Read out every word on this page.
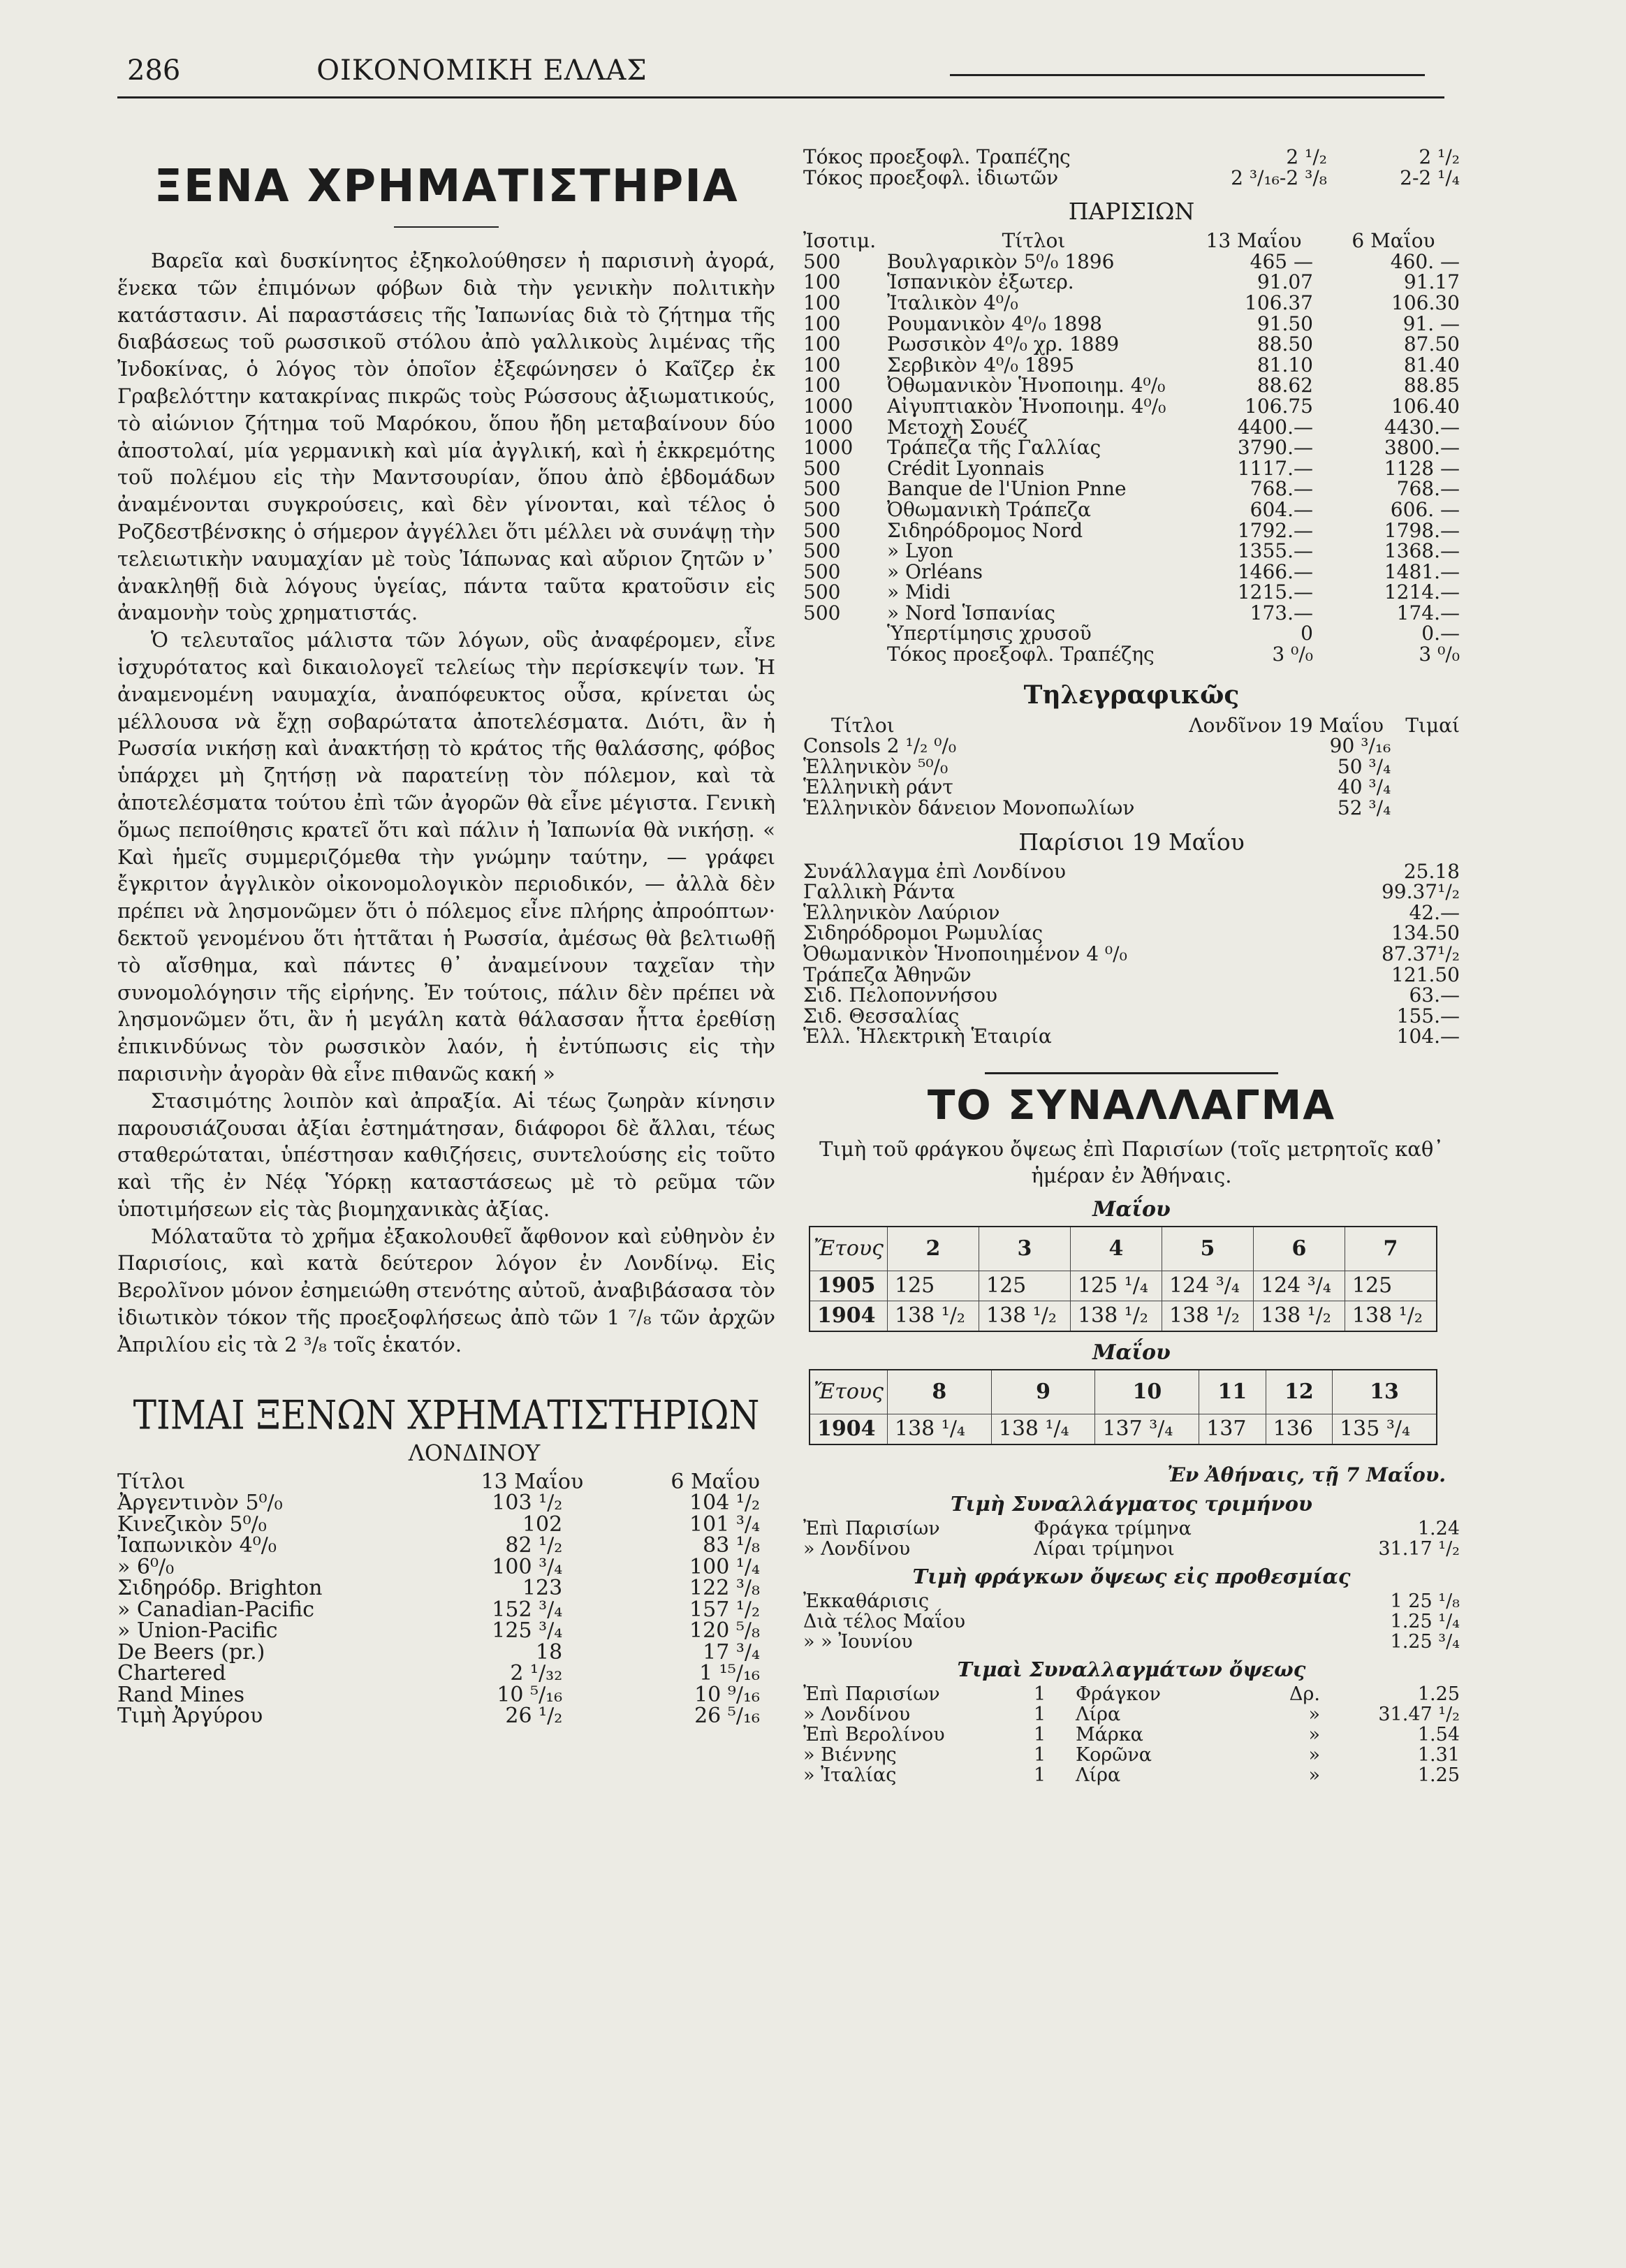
286	ΟΙΚΟΝΟΜΙΚΗ ΕΛΛΑΣ
ΞΕΝΑ ΧΡΗΜΑΤΙΣΤΗΡΙΑ

Βαρεῖα καὶ δυσκίνητος ἐξηκολούθησεν ἡ παρισινὴ ἀγορά, ἕνεκα τῶν ἐπιμόνων φόβων διὰ τὴν γενικὴν πολιτικὴν κατάστασιν. Αἱ παραστάσεις τῆς Ἰαπωνίας διὰ τὸ ζήτημα τῆς διαβάσεως τοῦ ρωσσικοῦ στόλου ἀπὸ γαλλικοὺς λιμένας τῆς Ἰνδοκίνας, ὁ λόγος τὸν ὁποῖον ἐξεφώνησεν ὁ Καῖζερ ἐκ Γραβελόττην κατακρίνας πικρῶς τοὺς Ρώσσους ἀξιωματικούς, τὸ αἰώνιον ζήτημα τοῦ Μαρόκου, ὅπου ἤδη μεταβαίνουν δύο ἀποστολαί, μία γερμανικὴ καὶ μία ἀγγλική, καὶ ἡ ἐκκρεμότης τοῦ πολέμου εἰς τὴν Μαντσουρίαν, ὅπου ἀπὸ ἑβδομάδων ἀναμένονται συγκρούσεις, καὶ δὲν γίνονται, καὶ τέλος ὁ Ροζδεστβένσκης ὁ σήμερον ἀγγέλλει ὅτι μέλλει νὰ συνάψῃ τὴν τελειωτικὴν ναυμαχίαν μὲ τοὺς Ἰάπωνας καὶ αὔριον ζητῶν ν᾽ ἀνακληθῇ διὰ λόγους ὑγείας, πάντα ταῦτα κρατοῦσιν εἰς ἀναμονὴν τοὺς χρηματιστάς.

Ὁ τελευταῖος μάλιστα τῶν λόγων, οὓς ἀναφέρομεν, εἶνε ἰσχυρότατος καὶ δικαιολογεῖ τελείως τὴν περίσκεψίν των. Ἡ ἀναμενομένη ναυμαχία, ἀναπόφευκτος οὖσα, κρίνεται ὡς μέλλουσα νὰ ἔχῃ σοβαρώτατα ἀποτελέσματα. Διότι, ἂν ἡ Ρωσσία νικήσῃ καὶ ἀνακτήσῃ τὸ κράτος τῆς θαλάσσης, φόβος ὑπάρχει μὴ ζητήσῃ νὰ παρατείνῃ τὸν πόλεμον, καὶ τὰ ἀποτελέσματα τούτου ἐπὶ τῶν ἀγορῶν θὰ εἶνε μέγιστα. Γενικὴ ὅμως πεποίθησις κρατεῖ ὅτι καὶ πάλιν ἡ Ἰαπωνία θὰ νικήσῃ. « Καὶ ἡμεῖς συμμεριζόμεθα τὴν γνώμην ταύτην, — γράφει ἔγκριτον ἀγγλικὸν οἰκονομολογικὸν περιοδικόν, — ἀλλὰ δὲν πρέπει νὰ λησμονῶμεν ὅτι ὁ πόλεμος εἶνε πλήρης ἀπροόπτων· δεκτοῦ γενομένου ὅτι ἡττᾶται ἡ Ρωσσία, ἀμέσως θὰ βελτιωθῇ τὸ αἴσθημα, καὶ πάντες θ᾽ ἀναμείνουν ταχεῖαν τὴν συνομολόγησιν τῆς εἰρήνης. Ἐν τούτοις, πάλιν δὲν πρέπει νὰ λησμονῶμεν ὅτι, ἂν ἡ μεγάλη κατὰ θάλασσαν ἧττα ἐρεθίσῃ ἐπικινδύνως τὸν ρωσσικὸν λαόν, ἡ ἐντύπωσις εἰς τὴν παρισινὴν ἀγορὰν θὰ εἶνε πιθανῶς κακή »

Στασιμότης λοιπὸν καὶ ἀπραξία. Αἱ τέως ζωηρὰν κίνησιν παρουσιάζουσαι ἀξίαι ἐστημάτησαν, διάφοροι δὲ ἄλλαι, τέως σταθερώταται, ὑπέστησαν καθιζήσεις, συντελούσης εἰς τοῦτο καὶ τῆς ἐν Νέᾳ Ὑόρκῃ καταστάσεως μὲ τὸ ρεῦμα τῶν ὑποτιμήσεων εἰς τὰς βιομηχανικὰς ἀξίας.

Μόλαταῦτα τὸ χρῆμα ἐξακολουθεῖ ἄφθονον καὶ εὐθηνὸν ἐν Παρισίοις, καὶ κατὰ δεύτερον λόγον ἐν Λονδίνῳ. Εἰς Βερολῖνον μόνον ἐσημειώθη στενότης αὐτοῦ, ἀναβιβάσασα τὸν ἰδιωτικὸν τόκον τῆς προεξοφλήσεως ἀπὸ τῶν 1 ⁷/₈ τῶν ἀρχῶν Ἀπριλίου εἰς τὰ 2 ³/₈ τοῖς ἑκατόν.

ΤΙΜΑΙ ΞΕΝΩΝ ΧΡΗΜΑΤΙΣΤΗΡΙΩΝ
ΛΟΝΔΙΝΟΥ
Τίτλοι	13 Μαΐου	6 Μαΐου
Ἀργεντινὸν 5⁰/₀	103 ¹/₂	104 ¹/₂
Κινεζικὸν 5⁰/₀	102	101 ³/₄
Ἰαπωνικὸν 4⁰/₀	82 ¹/₂	83 ¹/₈
» 6⁰/₀	100 ³/₄	100 ¹/₄
Σιδηρόδρ. Brighton	123	122 ³/₈
» Canadian-Pacific	152 ³/₄	157 ¹/₂
» Union-Pacific	125 ³/₄	120 ⁵/₈
De Beers (pr.)	18	17 ³/₄
Chartered	2 ¹/₃₂	1 ¹⁵/₁₆
Rand Mines	10 ⁵/₁₆	10 ⁹/₁₆
Τιμὴ Ἀργύρου	26 ¹/₂	26 ⁵/₁₆
Τόκος προεξοφλ. Τραπέζης	2 ¹/₂	2 ¹/₂
Τόκος προεξοφλ. ἰδιωτῶν	2 ³/₁₆-2 ³/₈	2-2 ¹/₄
ΠΑΡΙΣΙΩΝ
Ἰσοτιμ.	Τίτλοι	13 Μαΐου	6 Μαΐου
500	Βουλγαρικὸν 5⁰/₀ 1896	465 —	460. —
100	Ἱσπανικὸν ἐξωτερ.	91.07	91.17
100	Ἰταλικὸν 4⁰/₀	106.37	106.30
100	Ρουμανικὸν 4⁰/₀ 1898	91.50	91. —
100	Ρωσσικὸν 4⁰/₀ χρ. 1889	88.50	87.50
100	Σερβικὸν 4⁰/₀ 1895	81.10	81.40
100	Ὀθωμανικὸν Ἡνοποιημ. 4⁰/₀	88.62	88.85
1000	Αἰγυπτιακὸν Ἡνοποιημ. 4⁰/₀	106.75	106.40
1000	Μετοχὴ Σουέζ	4400.—	4430.—
1000	Τράπεζα τῆς Γαλλίας	3790.—	3800.—
500	Crédit Lyonnais	1117.—	1128 —
500	Banque de l'Union Pnne	768.—	768.—
500	Ὀθωμανικὴ Τράπεζα	604.—	606. —
500	Σιδηρόδρομος Nord	1792.—	1798.—
500	» Lyon	1355.—	1368.—
500	» Orléans	1466.—	1481.—
500	» Midi	1215.—	1214.—
500	» Nord Ἱσπανίας	173.—	174.—
	Ὑπερτίμησις χρυσοῦ	0	0.—
	Τόκος προεξοφλ. Τραπέζης	3 ⁰/₀	3 ⁰/₀
Τηλεγραφικῶς
Τίτλοι	Λονδῖνον 19 Μαΐου	Τιμαί
Consols 2 ¹/₂ ⁰/₀	90 ³/₁₆	
Ἑλληνικὸν ⁵⁰/₀	50 ³/₄	
Ἑλληνικὴ ράντ	40 ³/₄	
Ἑλληνικὸν δάνειον Μονοπωλίων	52 ³/₄	
Παρίσιοι 19 Μαΐου
Συνάλλαγμα ἐπὶ Λονδίνου	25.18
Γαλλικὴ Ράντα	99.37¹/₂
Ἑλληνικὸν Λαύριον	42.—
Σιδηρόδρομοι Ρωμυλίας	134.50
Ὀθωμανικὸν Ἡνοποιημένον 4 ⁰/₀	87.37¹/₂
Τράπεζα Ἀθηνῶν	121.50
Σιδ. Πελοποννήσου	63.—
Σιδ. Θεσσαλίας	155.—
Ἑλλ. Ἡλεκτρικὴ Ἑταιρία	104.—
ΤΟ ΣΥΝΑΛΛΑΓΜΑ

Τιμὴ τοῦ φράγκου ὄψεως ἐπὶ Παρισίων (τοῖς μετρητοῖς καθ᾽ ἡμέραν ἐν Ἀθήναις.

Μαΐου
Ἔτους	2	3	4	5	6	7
1905	125	125	125 ¹/₄	124 ³/₄	124 ³/₄	125
1904	138 ¹/₂	138 ¹/₂	138 ¹/₂	138 ¹/₂	138 ¹/₂	138 ¹/₂
Μαΐου
Ἔτους	8	9	10	11	12	13
1904	138 ¹/₄	138 ¹/₄	137 ³/₄	137	136	135 ³/₄
Ἐν Ἀθήναις, τῇ 7 Μαΐου.
Τιμὴ Συναλλάγματος τριμήνου
Ἐπὶ Παρισίων	Φράγκα τρίμηνα	1.24
» Λονδίνου	Λίραι τρίμηνοι	31.17 ¹/₂
Τιμὴ φράγκων ὄψεως εἰς προθεσμίας
Ἐκκαθάρισις	1 25 ¹/₈
Διὰ τέλος Μαΐου	1.25 ¹/₄
» » Ἰουνίου	1.25 ³/₄
Τιμαὶ Συναλλαγμάτων ὄψεως
Ἐπὶ Παρισίων	1	Φράγκον	Δρ.	1.25
» Λονδίνου	1	Λίρα	»	31.47 ¹/₂
Ἐπὶ Βερολίνου	1	Μάρκα	»	1.54
» Βιέννης	1	Κορῶνα	»	1.31
» Ἰταλίας	1	Λίρα	»	1.25
